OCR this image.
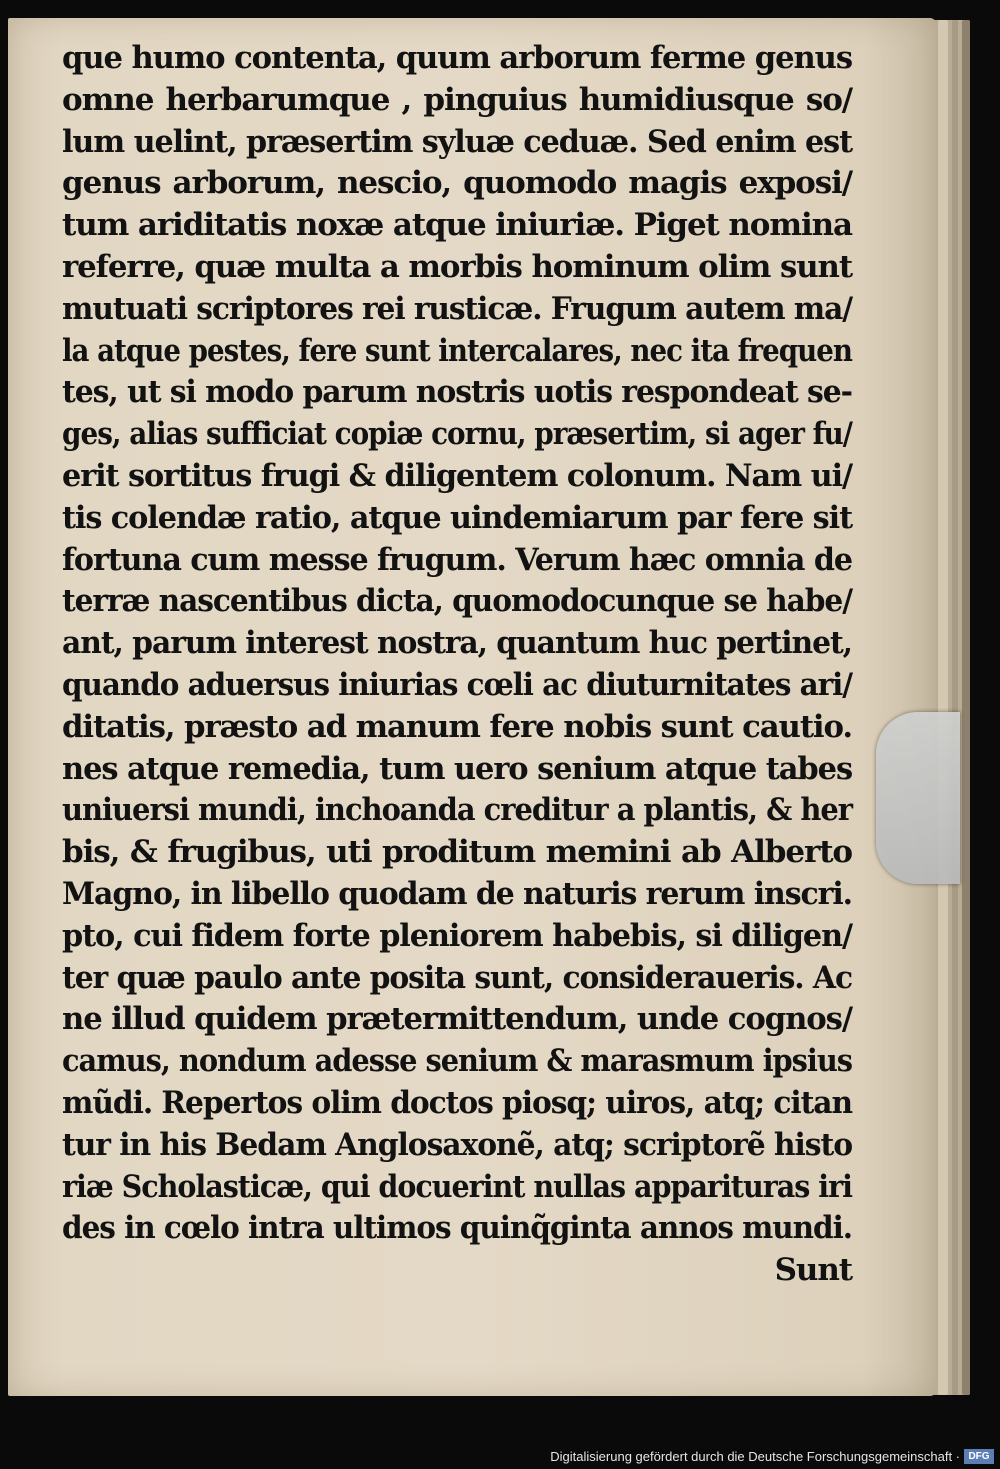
que humo contenta, quum arborum ferme genus
omne herbarumque , pinguius humidiusque so/
lum uelint, præsertim syluæ ceduæ. Sed enim est
genus arborum, nescio, quomodo magis exposi/
tum ariditatis noxæ atque iniuriæ. Piget nomina
referre, quæ multa a morbis hominum olim sunt
mutuati scriptores rei rusticæ. Frugum autem ma/
la atque pestes, fere sunt intercalares, nec ita frequen
tes, ut si modo parum nostris uotis respondeat se-
ges, alias sufficiat copiæ cornu, præsertim, si ager fu/
erit sortitus frugi & diligentem colonum. Nam ui/
tis colendæ ratio, atque uindemiarum par fere sit
fortuna cum messe frugum. Verum hæc omnia de
terræ nascentibus dicta, quomodocunque se habe/
ant, parum interest nostra, quantum huc pertinet,
quando aduersus iniurias cœli ac diuturnitates ari/
ditatis, præsto ad manum fere nobis sunt cautio.
nes atque remedia, tum uero senium atque tabes
uniuersi mundi, inchoanda creditur a plantis, & her
bis, & frugibus, uti proditum memini ab Alberto
Magno, in libello quodam de naturis rerum inscri.
pto, cui fidem forte pleniorem habebis, si diligen/
ter quæ paulo ante posita sunt, consideraueris. Ac
ne illud quidem prætermittendum, unde cognos/
camus, nondum adesse senium & marasmum ipsius
mũdi. Repertos olim doctos piosq; uiros, atq; citan
tur in his Bedam Anglosaxonẽ, atq; scriptorẽ histo
riæ Scholasticæ, qui docuerint nullas apparituras iri
des in cœlo intra ultimos quinq̃ginta annos mundi.
Sunt
Digitalisierung gefördert durch die Deutsche Forschungsgemeinschaft · DFG
